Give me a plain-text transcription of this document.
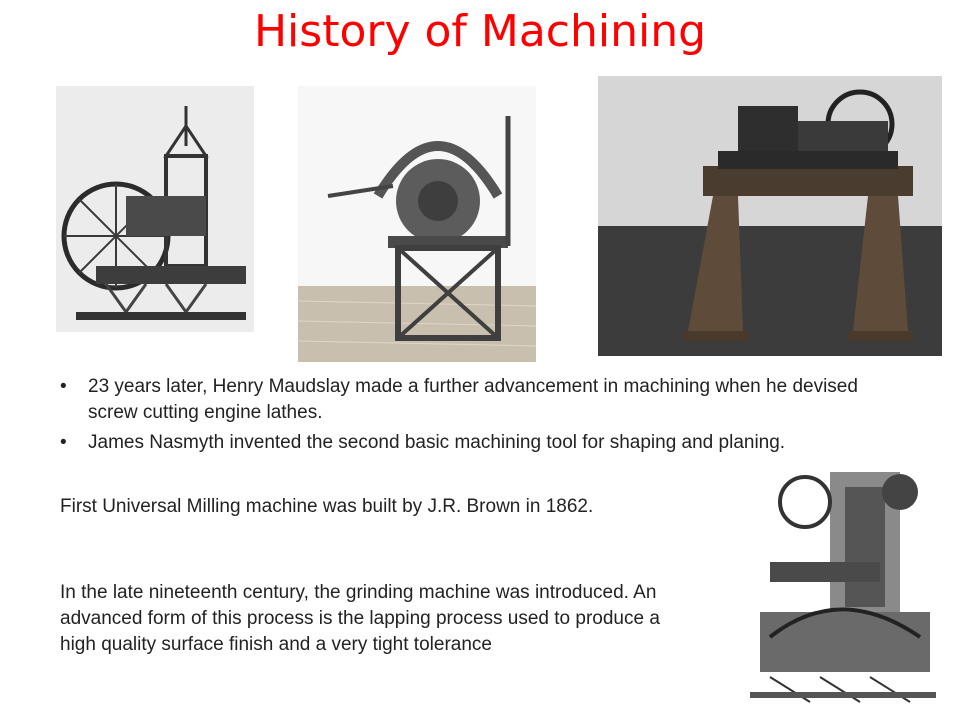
History of Machining
• 23 years later, Henry Maudslay made a further advancement in machining when he devised screw cutting engine lathes.
• James Nasmyth invented the second basic machining tool for shaping and planing.

First Universal Milling machine was built by J.R. Brown in 1862.

In the late nineteenth century, the grinding machine was introduced. An advanced form of this process is the lapping process used to produce a high quality surface finish and a very tight tolerance
